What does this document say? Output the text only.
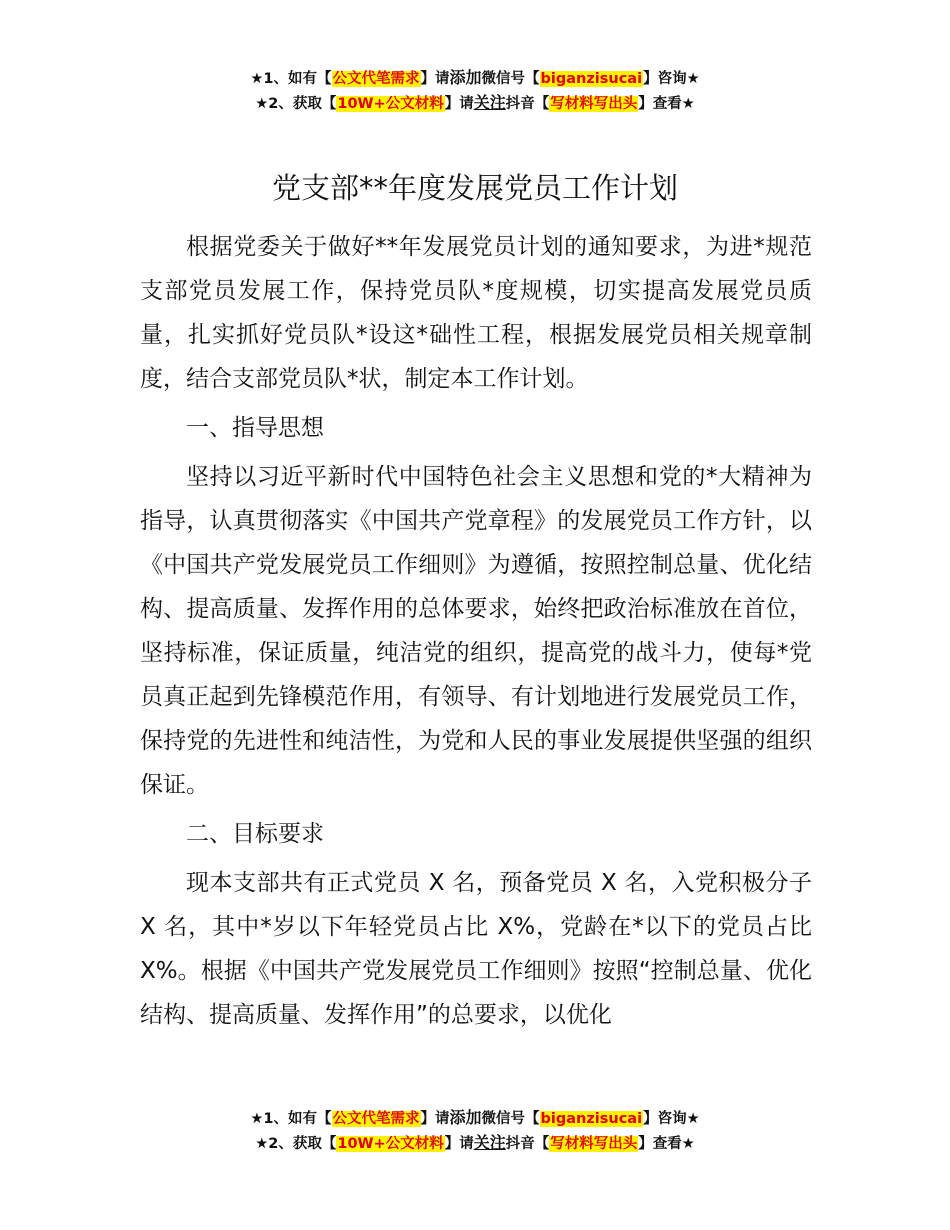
★1、如有【公文代笔需求】请添加微信号【biganzisucai】咨询★
★2、获取【10W+公文材料】请关注抖音【写材料写出头】查看★
党支部**年度发展党员工作计划

根据党委关于做好**年发展党员计划的通知要求，为进*规范支部党员发展工作，保持党员队*度规模，切实提高发展党员质量，扎实抓好党员队*设这*础性工程，根据发展党员相关规章制度，结合支部党员队*状，制定本工作计划。

一、指导思想

坚持以习近平新时代中国特色社会主义思想和党的*大精神为指导，认真贯彻落实《中国共产党章程》的发展党员工作方针，以《中国共产党发展党员工作细则》为遵循，按照控制总量、优化结构、提高质量、发挥作用的总体要求，始终把政治标准放在首位，坚持标准，保证质量，纯洁党的组织，提高党的战斗力，使每*党员真正起到先锋模范作用，有领导、有计划地进行发展党员工作，保持党的先进性和纯洁性，为党和人民的事业发展提供坚强的组织保证。

二、目标要求

现本支部共有正式党员 X 名，预备党员 X 名，入党积极分子 X 名，其中*岁以下年轻党员占比 X%，党龄在*以下的党员占比 X%。根据《中国共产党发展党员工作细则》按照“控制总量、优化结构、提高质量、发挥作用”的总要求，以优化

★1、如有【公文代笔需求】请添加微信号【biganzisucai】咨询★
★2、获取【10W+公文材料】请关注抖音【写材料写出头】查看★
